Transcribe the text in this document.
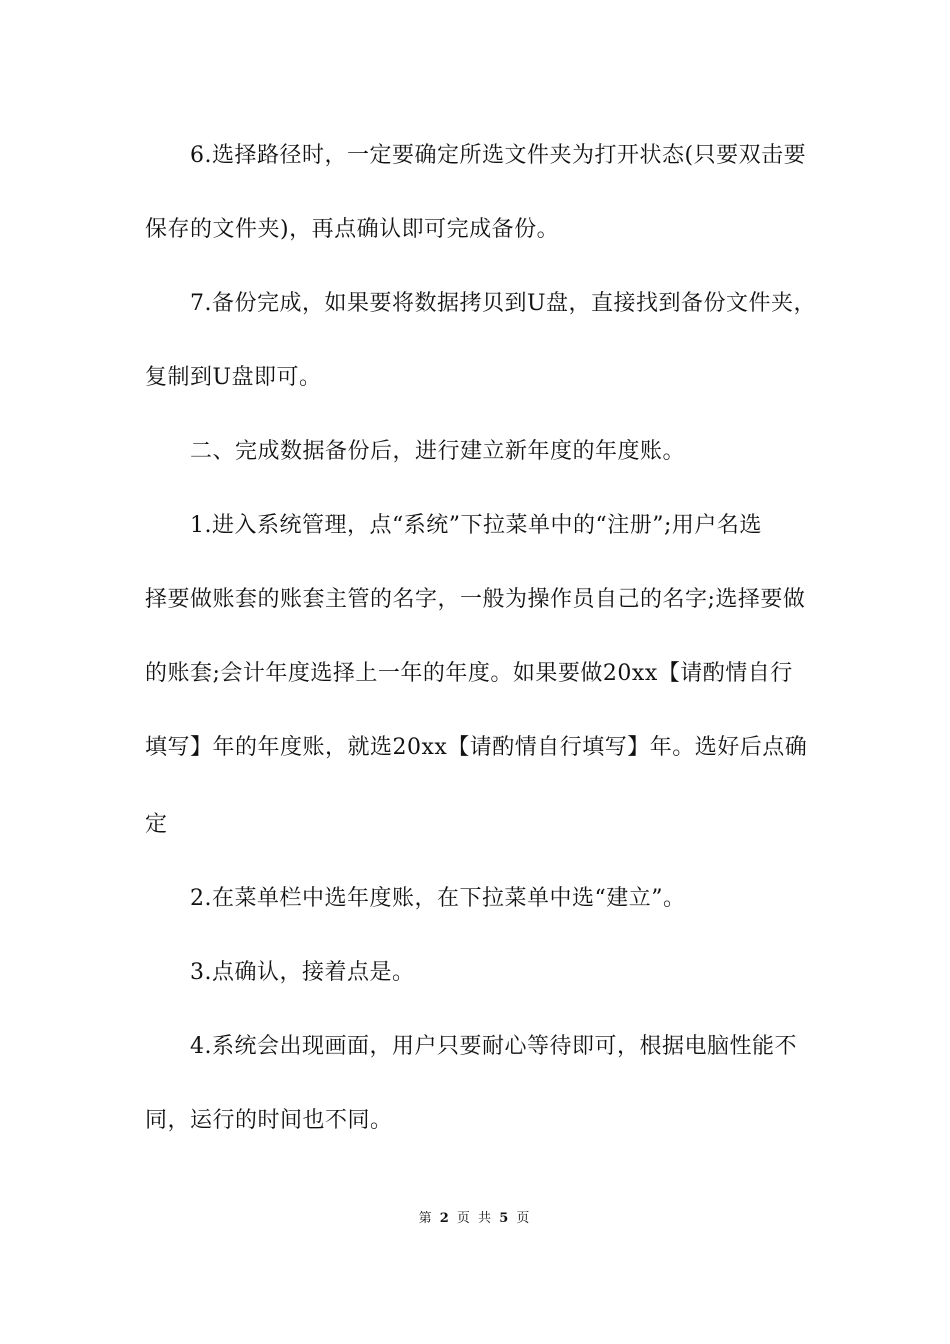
6.选择路径时，一定要确定所选文件夹为打开状态(只要双击要
保存的文件夹)，再点确认即可完成备份。
7.备份完成，如果要将数据拷贝到U盘，直接找到备份文件夹，
复制到U盘即可。
二、完成数据备份后，进行建立新年度的年度账。
1.进入系统管理，点“系统”下拉菜单中的“注册”;用户名选
择要做账套的账套主管的名字，一般为操作员自己的名字;选择要做
的账套;会计年度选择上一年的年度。如果要做20xx【请酌情自行
填写】年的年度账，就选20xx【请酌情自行填写】年。选好后点确
定
2.在菜单栏中选年度账，在下拉菜单中选“建立”。
3.点确认，接着点是。
4.系统会出现画面，用户只要耐心等待即可，根据电脑性能不
同，运行的时间也不同。
第 2 页 共 5 页
